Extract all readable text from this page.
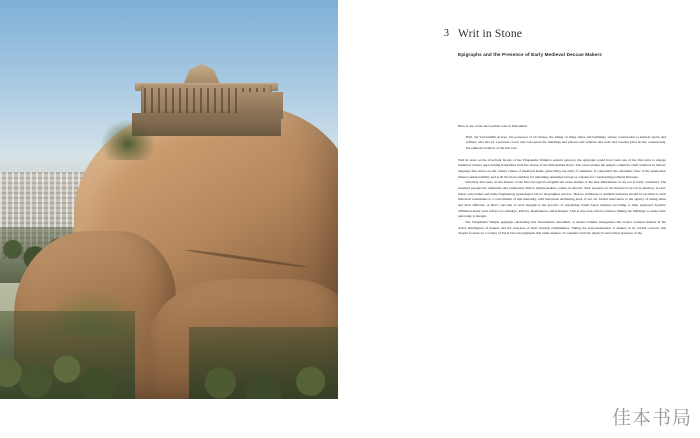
3 Writ in Stone
Epigraphs and the Presence of Early Medieval Deccan Makers

Here is one of the most public texts at Pattadakal:

Hail, Sri Sarvasiddhi Acarya, the possessor of all virtues, the maker of many cities and buildings, whose construction is entirely pretty and refined, who has for a jeweled crown and crest-jewel the buildings and palaces and vehicles and seats and couches (that he has constructed), the eminent architect of the Deccan!

Writ in stone on the riverfront facade of the Virupaksha Temple's eastern gateway, the epigraph would have been one of the first texts to engage medieval visitors approaching Pattadakal from the shores of the Malaprabha River. The verse praises the temple complex's chief architect in literary language that draws on the courtly values of medieval India, particularly the ethic of alamkara. It contradicts the axiomatic view of the premodern maker's unknowability and is all the more startling for remaining unstudied except as a means for constructing political histories.

Scholarly discourse on the makers of the Deccan region's magnificent stone shrines of the first millennium of our era is fairly consistent. The standard perspective maintains that premodern India's temple-makers cannot be known: their presence in the historical record is shadowy at best, music only names and some fragmentary genealogies but no biographies survive. That no artfulness or aesthetic interests should be ascribed to such historical nonentities is a concomitant of this mentality, with historians attributing most, if not all, formal innovation to the agency of ruling elites and their affiliates. A direct outcome of such thought is the practice of organizing South Asian temples according to their supposed dynastic affiliation under such rubrics as Chalukya, Pallava, Rashtrakuta, and Kakatiya. This is true even where evidence linking the buildings to aristocratic patronage is meager.

The Virupaksha Temple epigraph celebrating that monument's sutradhari, or master builder, inaugurates this book's twinned interest in the active intelligence of makers and the response of their viewing communities. Taking the self-presentation of makers as its central concern, this chapter focuses on a variety of Early Deccan epigraphs that name makers. It considers both the physical and textual presence of the

佳本书局
